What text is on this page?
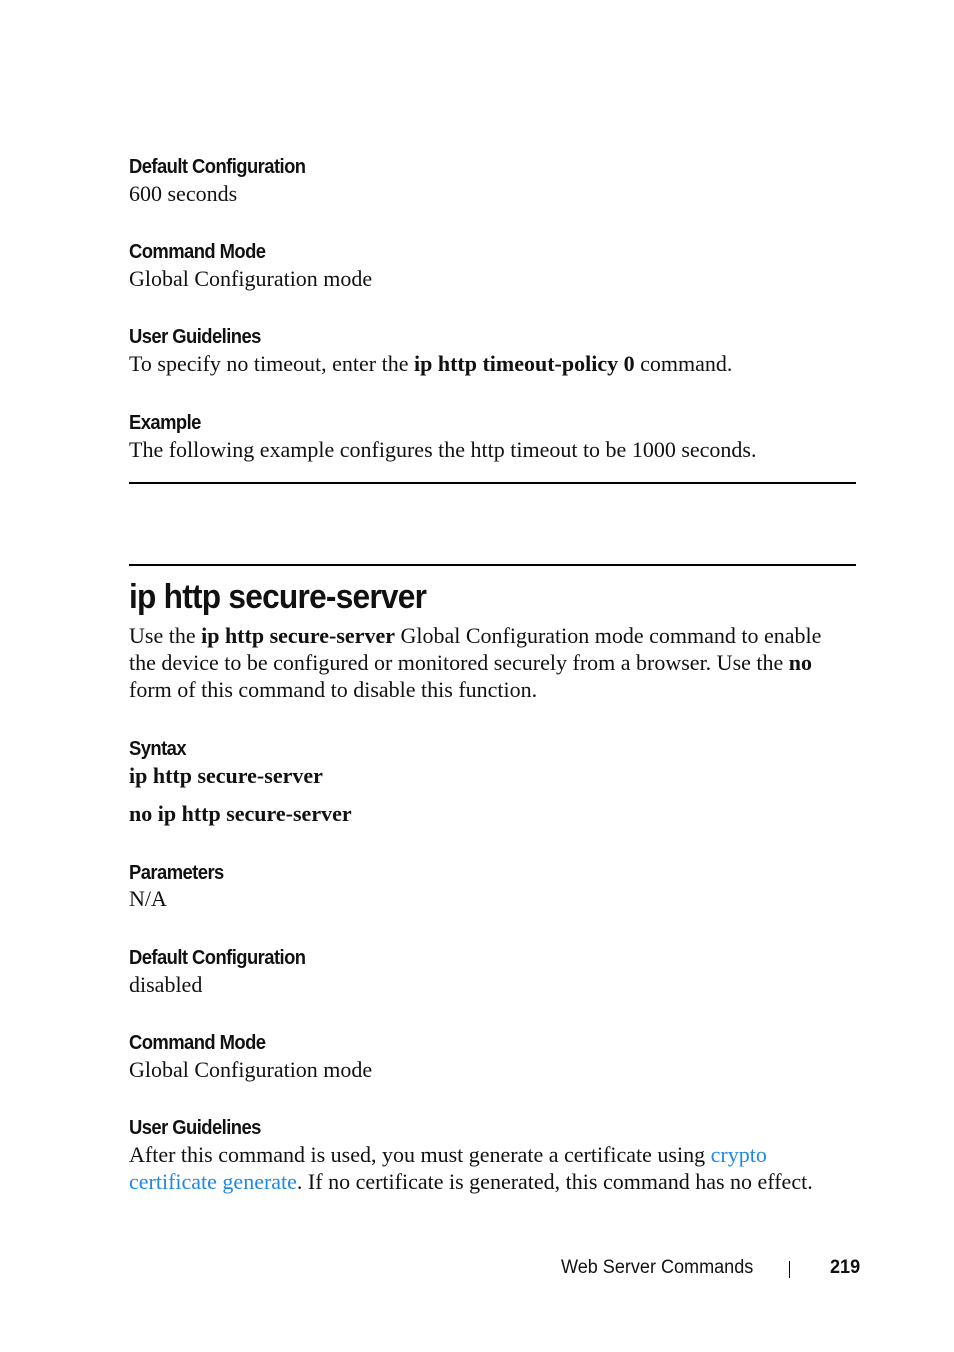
Default Configuration
600 seconds
Command Mode
Global Configuration mode
User Guidelines
To specify no timeout, enter the ip http timeout-policy 0 command.
Example
The following example configures the http timeout to be 1000 seconds.
ip http secure-server
Use the ip http secure-server Global Configuration mode command to enable
the device to be configured or monitored securely from a browser. Use the no
form of this command to disable this function.
Syntax
ip http secure-server
no ip http secure-server
Parameters
N/A
Default Configuration
disabled
Command Mode
Global Configuration mode
User Guidelines
After this command is used, you must generate a certificate using crypto
certificate generate. If no certificate is generated, this command has no effect.
Web Server Commands	219
